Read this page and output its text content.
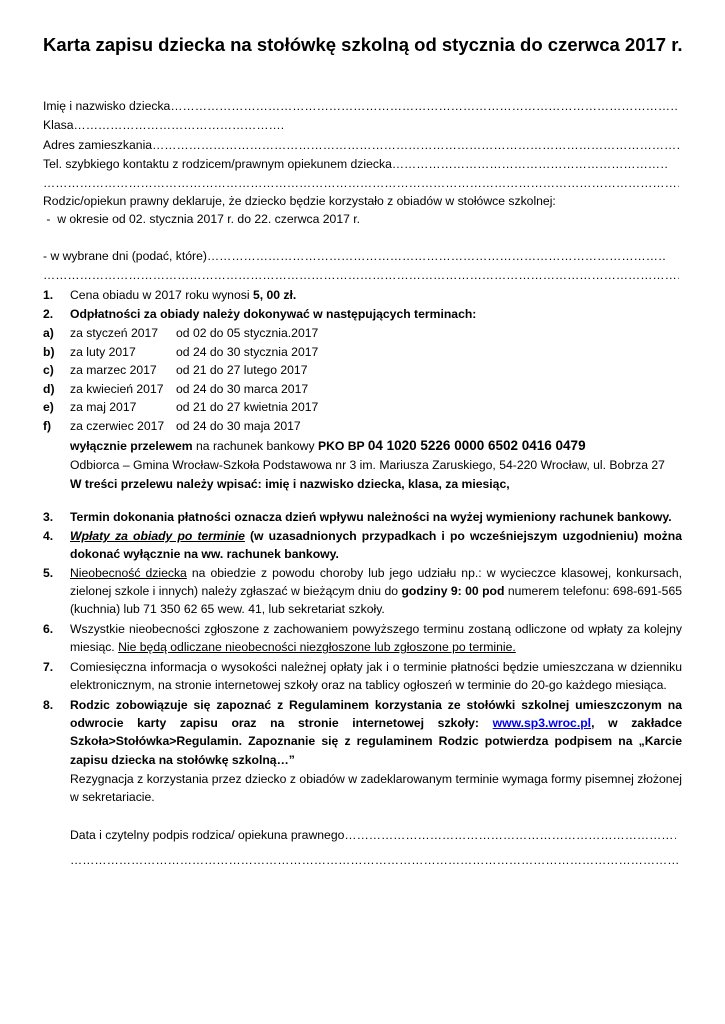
Karta zapisu dziecka na stołówkę szkolną od stycznia do czerwca 2017 r.
Imię i nazwisko dziecka ……………………………………………………………………………………………………………………………………………………………………………………………………………………
Klasa…………………………………………….
Adres zamieszkania ……………………………………………………………………………………………………………………………………………………………………………………………………………………
Tel. szybkiego kontaktu z rodzicem/prawnym opiekunem dziecka ……………………………………………………………………………………………………………………………………………………………………………………………………………………
……………………………………………………………………………………………………………………………………………………………………………………………………………………
Rodzic/opiekun prawny deklaruje, że dziecko będzie korzystało z obiadów w stołówce szkolnej:
-  w okresie od 02. stycznia 2017 r. do 22. czerwca 2017 r.
- w wybrane dni (podać, które) ……………………………………………………………………………………………………………………………………………………………………………………………………………………
……………………………………………………………………………………………………………………………………………………………………………………………………………………
1.	Cena obiadu w 2017 roku wynosi 5, 00 zł.
2.	Odpłatności za obiady należy dokonywać w następujących terminach:
a)	za styczeń 2017 od 02 do 05 stycznia.2017
b)	za luty 2017	od 24 do 30 stycznia 2017
c)	za marzec 2017 od 21 do 27 lutego 2017
d)	za kwiecień 2017 od 24 do 30 marca 2017
e)	za maj 2017	od 21 do 27 kwietnia 2017
f)	za czerwiec 2017 od 24 do 30 maja 2017
wyłącznie przelewem na rachunek bankowy PKO BP 04 1020 5226 0000 6502 0416 0479
Odbiorca – Gmina Wrocław-Szkoła Podstawowa nr 3 im. Mariusza Zaruskiego, 54-220 Wrocław, ul. Bobrza 27
W treści przelewu należy wpisać: imię i nazwisko dziecka, klasa, za miesiąc,
3.	Termin dokonania płatności oznacza dzień wpływu należności na wyżej wymieniony rachunek bankowy.
4.	Wpłaty za obiady po terminie (w uzasadnionych przypadkach i po wcześniejszym uzgodnieniu) można dokonać wyłącznie na ww. rachunek bankowy.
5.	Nieobecność dziecka na obiedzie z powodu choroby lub jego udziału np.: w wycieczce klasowej, konkursach, zielonej szkole i innych) należy zgłaszać w bieżącym dniu do godziny 9: 00 pod numerem telefonu: 698-691-565 (kuchnia) lub 71 350 62 65 wew. 41, lub sekretariat szkoły.
6.	Wszystkie nieobecności zgłoszone z zachowaniem powyższego terminu zostaną odliczone od wpłaty za kolejny miesiąc. Nie będą odliczane nieobecności niezgłoszone lub zgłoszone po terminie.
7.	Comiesięczna informacja o wysokości należnej opłaty jak i o terminie płatności będzie umieszczana w dzienniku elektronicznym, na stronie internetowej szkoły oraz na tablicy ogłoszeń w terminie do 20-go każdego miesiąca.
8.	Rodzic zobowiązuje się zapoznać z Regulaminem korzystania ze stołówki szkolnej umieszczonym na odwrocie karty zapisu oraz na stronie internetowej szkoły: www.sp3.wroc.pl, w zakładce Szkoła>Stołówka>Regulamin. Zapoznanie się z regulaminem Rodzic potwierdza podpisem na „Karcie zapisu dziecka na stołówkę szkolną…”
Rezygnacja z korzystania przez dziecko z obiadów w zadeklarowanym terminie wymaga formy pisemnej złożonej w sekretariacie.
Data i czytelny podpis rodzica/ opiekuna prawnego ……………………………………………………………………………………………………………………………………………………………………………………………………………………
……………………………………………………………………………………………………………………………………………………………………………………………………………………
